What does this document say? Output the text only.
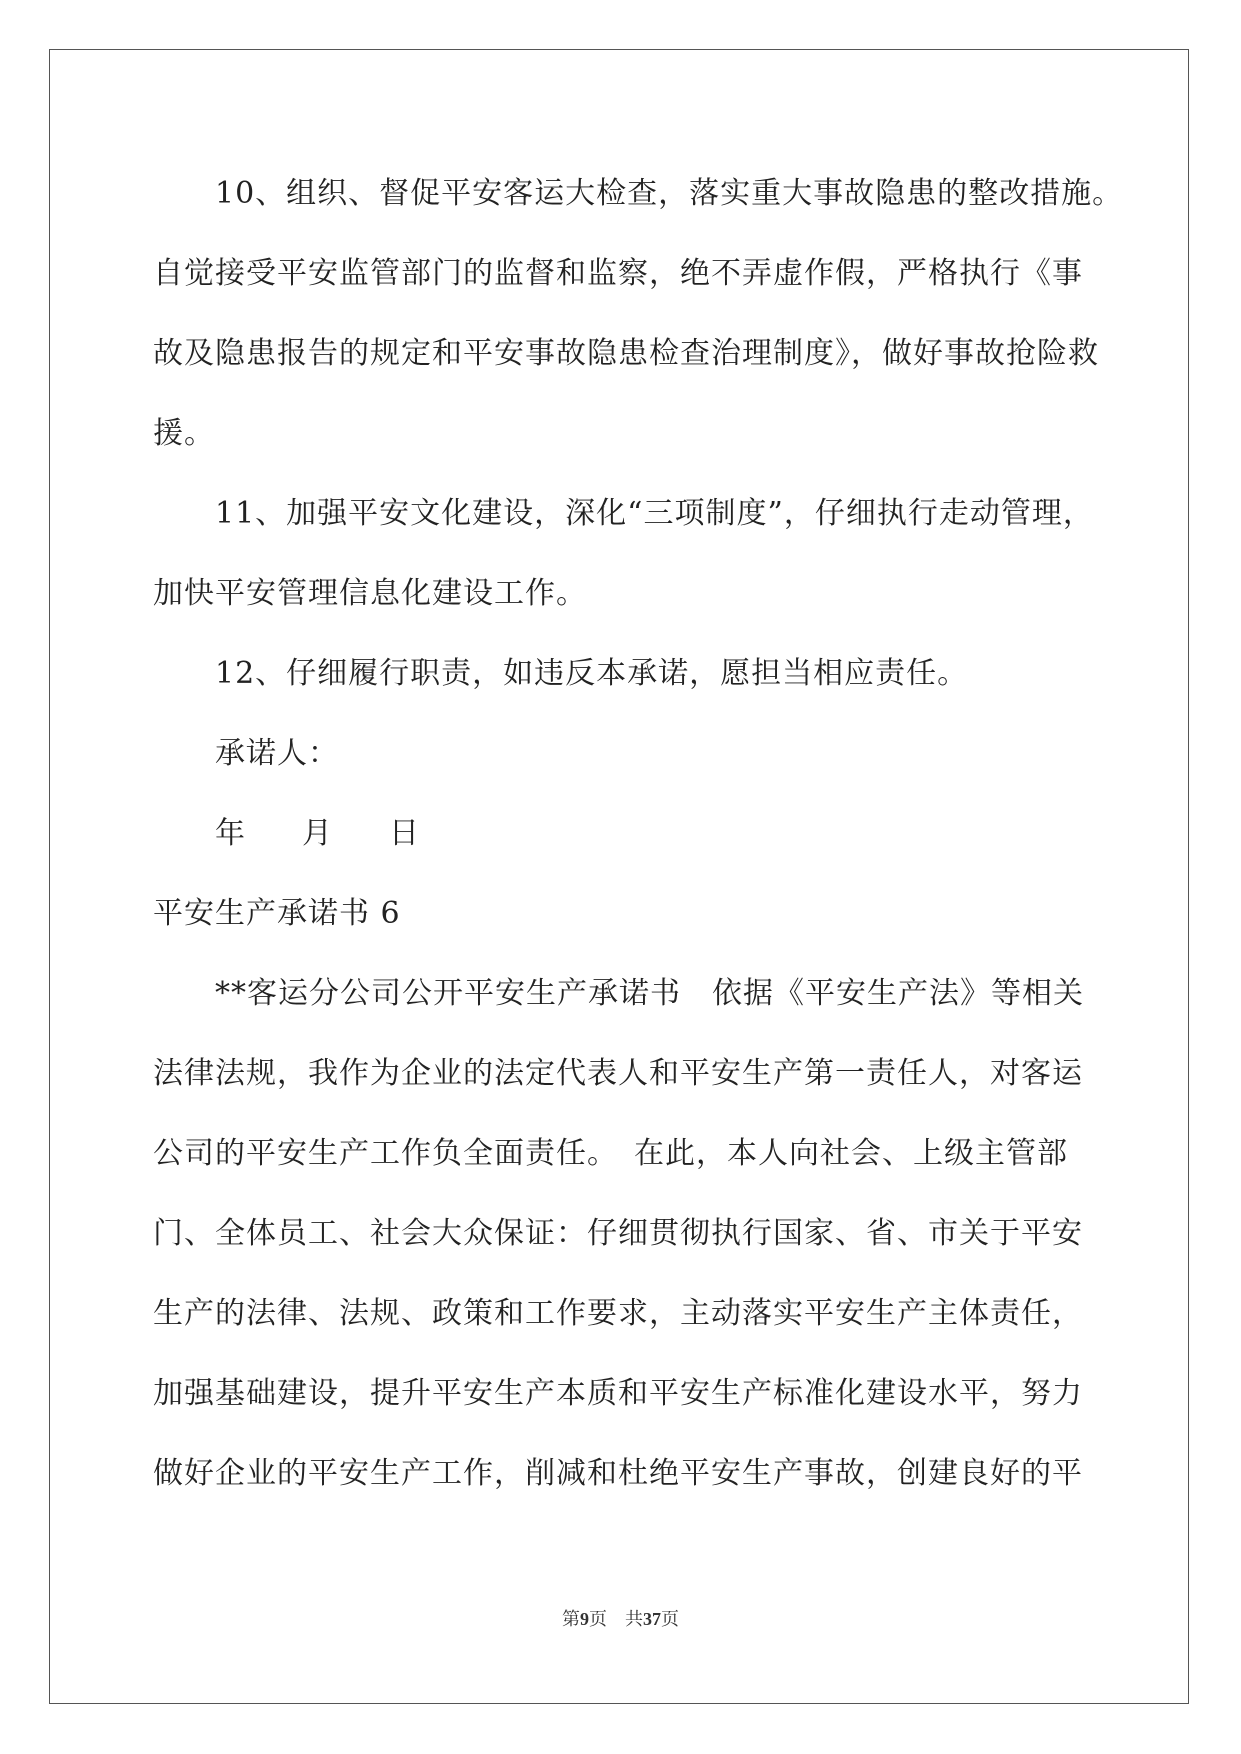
10、组织、督促平安客运大检查，落实重大事故隐患的整改措施。
自觉接受平安监管部门的监督和监察，绝不弄虚作假，严格执行《事
故及隐患报告的规定和平安事故隐患检查治理制度》，做好事故抢险救
援。
11、加强平安文化建设，深化“三项制度”，仔细执行走动管理，
加快平安管理信息化建设工作。
12、仔细履行职责，如违反本承诺，愿担当相应责任。
承诺人：
年 月 日
平安生产承诺书 6
**客运分公司公开平安生产承诺书　依据《平安生产法》等相关
法律法规，我作为企业的法定代表人和平安生产第一责任人，对客运
公司的平安生产工作负全面责任。　在此，本人向社会、上级主管部
门、全体员工、社会大众保证：仔细贯彻执行国家、省、市关于平安
生产的法律、法规、政策和工作要求，主动落实平安生产主体责任，
加强基础建设，提升平安生产本质和平安生产标准化建设水平，努力
做好企业的平安生产工作，削减和杜绝平安生产事故，创建良好的平
第9页　共37页
